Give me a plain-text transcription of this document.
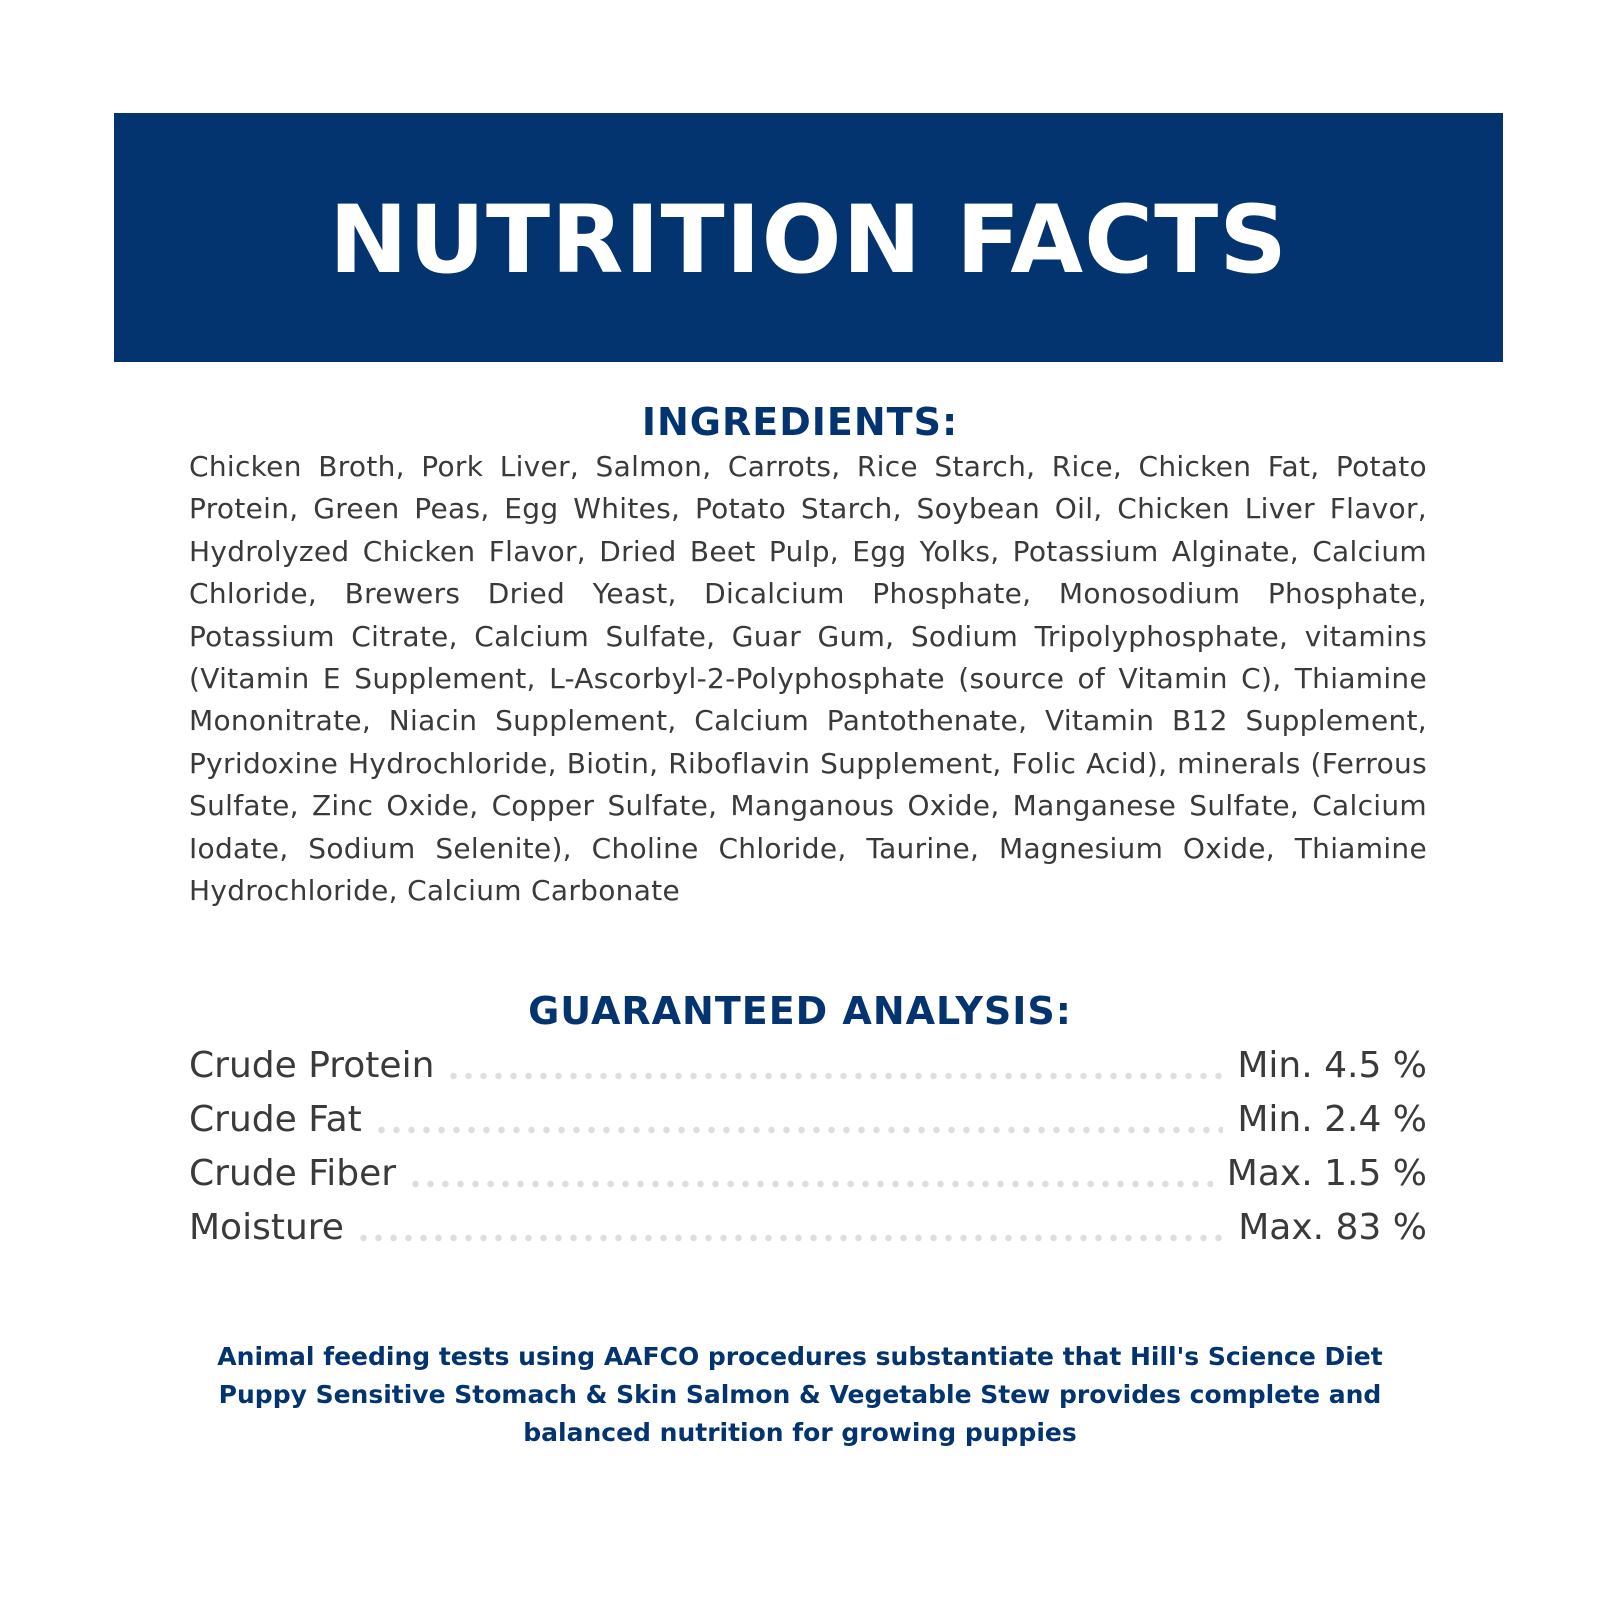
NUTRITION FACTS
INGREDIENTS:

Chicken Broth, Pork Liver, Salmon, Carrots, Rice Starch, Rice, Chicken Fat, Potato Protein, Green Peas, Egg Whites, Potato Starch, Soybean Oil, Chicken Liver Flavor, Hydrolyzed Chicken Flavor, Dried Beet Pulp, Egg Yolks, Potassium Alginate, Calcium Chloride, Brewers Dried Yeast, Dicalcium Phosphate, Monosodium Phosphate, Potassium Citrate, Calcium Sulfate, Guar Gum, Sodium Tripolyphosphate, vitamins (Vitamin E Supplement, L-Ascorbyl-2-Polyphosphate (source of Vitamin C), Thiamine Mononitrate, Niacin Supplement, Calcium Pantothenate, Vitamin B12 Supplement, Pyridoxine Hydrochloride, Biotin, Riboflavin Supplement, Folic Acid), minerals (Ferrous Sulfate, Zinc Oxide, Copper Sulfate, Manganous Oxide, Manganese Sulfate, Calcium Iodate, Sodium Selenite), Choline Chloride, Taurine, Magnesium Oxide, Thiamine Hydrochloride, Calcium Carbonate

GUARANTEED ANALYSIS:
Crude Protein	Min. 4.5 %
Crude Fat	Min. 2.4 %
Crude Fiber	Max. 1.5 %
Moisture	Max. 83 %

Animal feeding tests using AAFCO procedures substantiate that Hill's Science Diet Puppy Sensitive Stomach & Skin Salmon & Vegetable Stew provides complete and balanced nutrition for growing puppies
